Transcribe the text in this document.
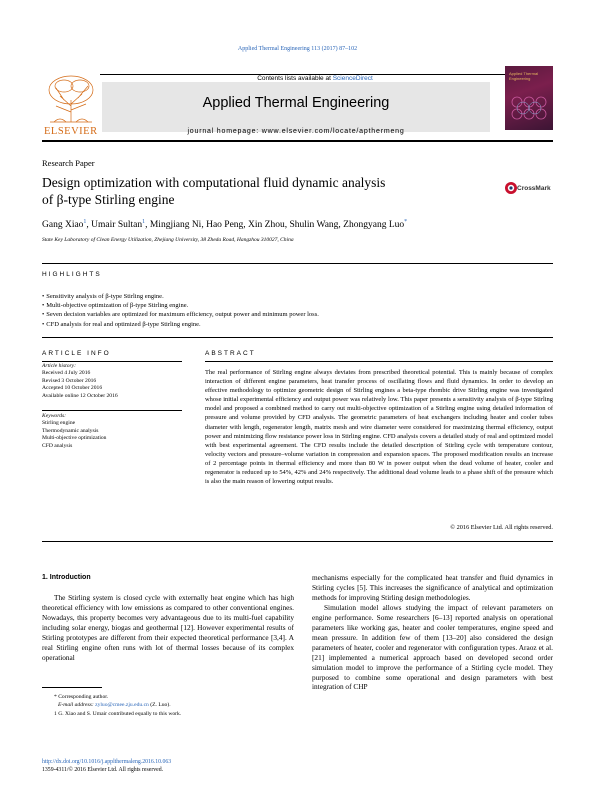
Applied Thermal Engineering 113 (2017) 87–102
ELSEVIER
Contents lists available at ScienceDirect
Applied Thermal Engineering
journal homepage: www.elsevier.com/locate/apthermeng
Applied Thermal Engineering
Research Paper
Design optimization with computational fluid dynamic analysis
of β-type Stirling engine
CrossMark
Gang Xiao$^1$, Umair Sultan$^1$, Mingjiang Ni, Hao Peng, Xin Zhou, Shulin Wang, Zhongyang Luo*
State Key Laboratory of Clean Energy Utilization, Zhejiang University, 38 Zheda Road, Hangzhou 310027, China
HIGHLIGHTS
• Sensitivity analysis of β-type Stirling engine.
• Multi-objective optimization of β-type Stirling engine.
• Seven decision variables are optimized for maximum efficiency, output power and minimum power loss.
• CFD analysis for real and optimized β-type Stirling engine.
ARTICLE INFO	ABSTRACT
Article history:
Received 4 July 2016
Revised 3 October 2016
Accepted 10 October 2016
Available online 12 October 2016
Keywords:
Stirling engine
Thermodynamic analysis
Multi-objective optimization
CFD analysis
The real performance of Stirling engine always deviates from prescribed theoretical potential. This is mainly because of complex interaction of different engine parameters, heat transfer process of oscillating flows and fluid dynamics. In order to develop an effective methodology to optimize geometric design of Stirling engines a beta-type rhombic drive Stirling engine was investigated whose initial experimental efficiency and output power was relatively low. This paper presents a sensitivity analysis of β-type Stirling model and proposed a combined method to carry out multi-objective optimization of a Stirling engine using detailed information of pressure and volume provided by CFD analysis. The geometric parameters of heat exchangers including heater and cooler tubes diameter with length, regenerator length, matrix mesh and wire diameter were considered for maximizing thermal efficiency, output power and minimizing flow resistance power loss in Stirling engine. CFD analysis covers a detailed study of real and optimized model with best experimental agreement. The CFD results include the detailed description of Stirling cycle with temperature contour, velocity vectors and pressure–volume variation in compression and expansion spaces. The proposed modification results an increase of 2 percentage points in thermal efficiency and more than 80 W in power output when the dead volume of heater, cooler and regenerator is reduced up to 54%, 42% and 24% respectively. The additional dead volume leads to a phase shift of the pressure which is also the main reason of lowering output results.
© 2016 Elsevier Ltd. All rights reserved.
1. Introduction
The Stirling system is closed cycle with externally heat engine which has high theoretical efficiency with low emissions as compared to other conventional engines. Nowadays, this property becomes very advantageous due to its multi-fuel capability including solar energy, biogas and geothermal [12]. However experimental results of Stirling prototypes are different from their expected theoretical performance [3,4]. A real Stirling engine often runs with lot of thermal losses because of its complex operational
mechanisms especially for the complicated heat transfer and fluid dynamics in Stirling cycles [5]. This increases the significance of analytical and optimization methods for improving Stirling design methodologies.
Simulation model allows studying the impact of relevant parameters on engine performance. Some researchers [6–13] reported analysis on operational parameters like working gas, heater and cooler temperatures, engine speed and mean pressure. In addition few of them [13–20] also considered the design parameters of heater, cooler and regenerator with configuration types. Araoz et al. [21] implemented a numerical approach based on developed second order simulation model to improve the performance of a Stirling cycle model. They purposed to combine some operational and design parameters with best integration of CHP
* Corresponding author.
E-mail address: zyluo@cmee.zju.edu.cn (Z. Luo).
1 G. Xiao and S. Umair contributed equally to this work.
http://dx.doi.org/10.1016/j.applthermaleng.2016.10.063
1359-4311/© 2016 Elsevier Ltd. All rights reserved.
